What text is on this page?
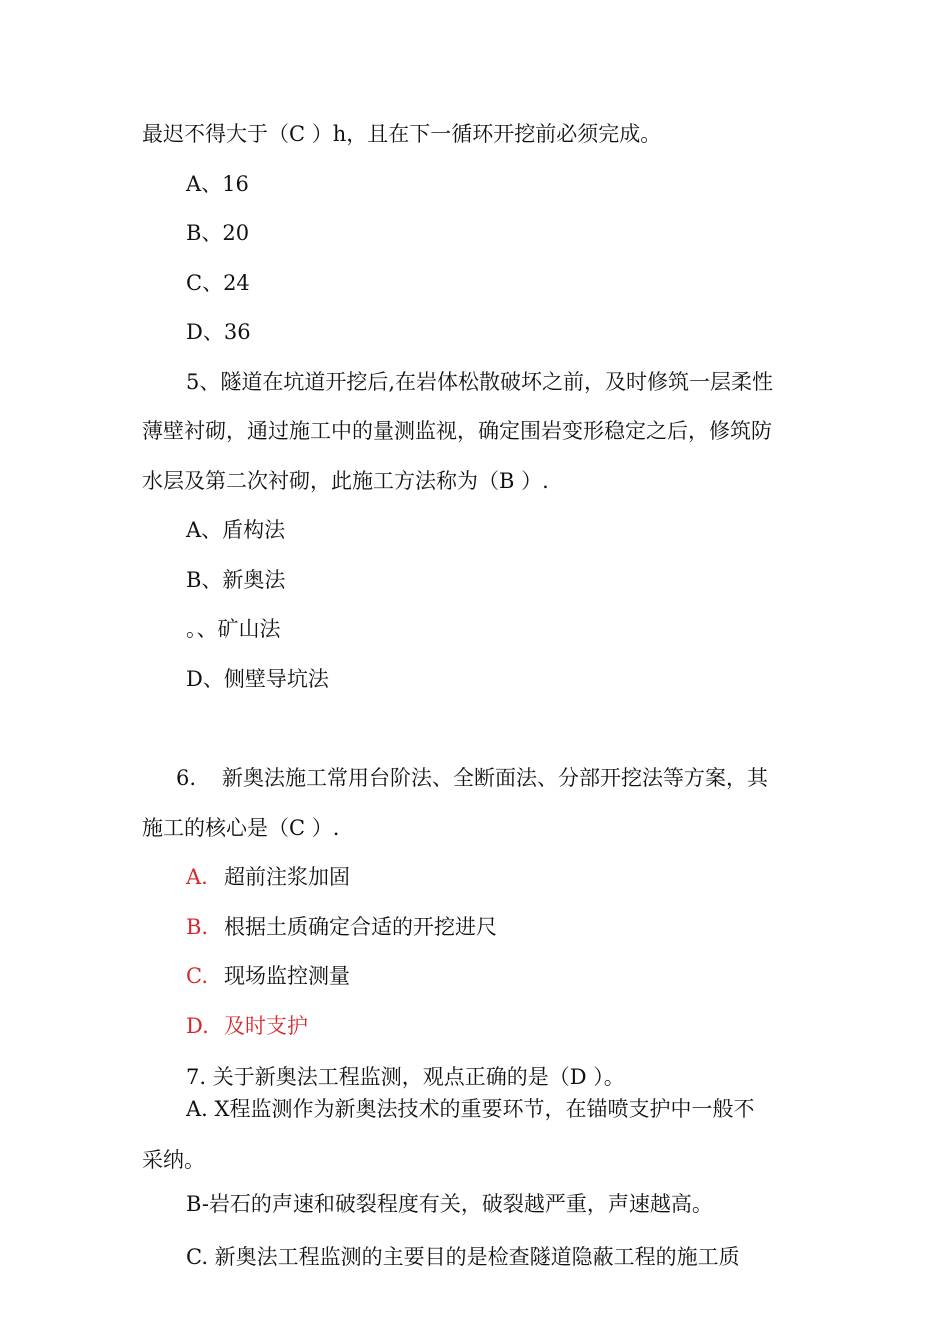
最迟不得大于（C ）h，且在下一循环开挖前必须完成。

A、16

B、20

C、24

D、36

5、隧道在坑道开挖后,在岩体松散破坏之前，及时修筑一层柔性

薄壁衬砌，通过施工中的量测监视，确定围岩变形稳定之后，修筑防

水层及第二次衬砌，此施工方法称为（B ）.

A、盾构法

B、新奥法

。、矿山法

D、侧壁导坑法

6. 新奥法施工常用台阶法、全断面法、分部开挖法等方案，其

施工的核心是（C ）.

A. 超前注浆加固

B. 根据土质确定合适的开挖进尺

C. 现场监控测量

D. 及时支护

7. 关于新奥法工程监测，观点正确的是（D ）。

A. X程监测作为新奥法技术的重要环节，在锚喷支护中一般不

采纳。

B-岩石的声速和破裂程度有关，破裂越严重，声速越高。

C. 新奥法工程监测的主要目的是检查隧道隐蔽工程的施工质
